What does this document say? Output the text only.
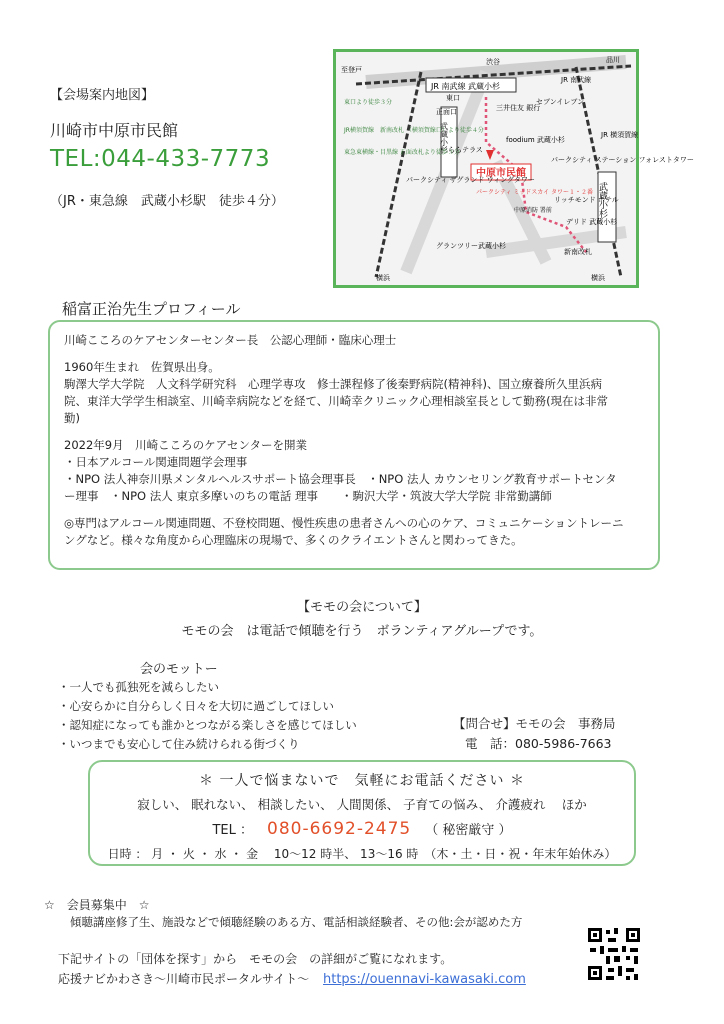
【会場案内地図】
川崎市中原市民館
TEL:044-433-7773
（JR・東急線　武蔵小杉駅　徒歩４分）
JR 南武線 武蔵小杉
武蔵小杉
武蔵小杉
中原市民館
至登戸
品川
JR 南武線
渋谷
東口より徒歩３分
JR横須賀線　新南改札 （横須賀線口）より徒歩４分
東急東横線・目黒線 正面改札より徒歩３分
東口
正面口	三井住友 銀行
セブンイレブン
foodium 武蔵小杉
パークシティ ステーション フォレストタワー
ららテラス
パークシティ ミッドスカイ タワー１・２番
中原消防 署前
パークシティ ザグランド ウィングタワー
リッチモンド ホテル
デリド 武蔵小杉
グランツリー武蔵小杉
JR 横須賀線
新南改札
横浜	横浜
稲富正治先生プロフィール

川崎こころのケアセンターセンター長　公認心理師・臨床心理士

1960年生まれ　佐賀県出身。
駒澤大学大学院　人文科学研究科　心理学専攻　修士課程修了後秦野病院(精神科)、国立療養所久里浜病
院、東洋大学学生相談室、川崎幸病院などを経て、川崎幸クリニック心理相談室長として勤務(現在は非常
勤)

2022年9月　川崎こころのケアセンターを開業
・日本アルコール関連問題学会理事
・NPO 法人神奈川県メンタルヘルスサポート協会理事長　・NPO 法人 カウンセリング教育サポートセンタ
ー理事　・NPO 法人 東京多摩いのちの電話 理事　　・駒沢大学・筑波大学大学院 非常勤講師

◎専門はアルコール関連問題、不登校問題、慢性疾患の患者さんへの心のケア、コミュニケーショントレーニ
ングなど。様々な角度から心理臨床の現場で、多くのクライエントさんと関わってきた。

【モモの会について】
モモの会　は電話で傾聴を行う　ボランティアグループです。
会のモットー
・一人でも孤独死を減らしたい
・心安らかに自分らしく日々を大切に過ごしてほしい
・認知症になっても誰かとつながる楽しさを感じてほしい
・いつまでも安心して住み続けられる街づくり
【問合せ】モモの会　事務局
電　話：080-5986-7663
＊ 一人で悩まないで　気軽にお電話ください ＊
寂しい、 眠れない、 相談したい、 人間関係、 子育ての悩み、 介護疲れ　 ほか
TEL ： 080-6692-2475 （ 秘密厳守 ）
日時 ： 月 ・ 火 ・ 水 ・ 金　 10～12 時半、 13～16 時　（木・土・日・祝・年末年始休み）
☆　会員募集中　☆
傾聴講座修了生、施設などで傾聴経験のある方、電話相談経験者、その他:会が認めた方
下記サイトの「団体を探す」から　モモの会　の詳細がご覧になれます。
応援ナビかわさき～川崎市民ポータルサイト～ https://ouennavi-kawasaki.com
